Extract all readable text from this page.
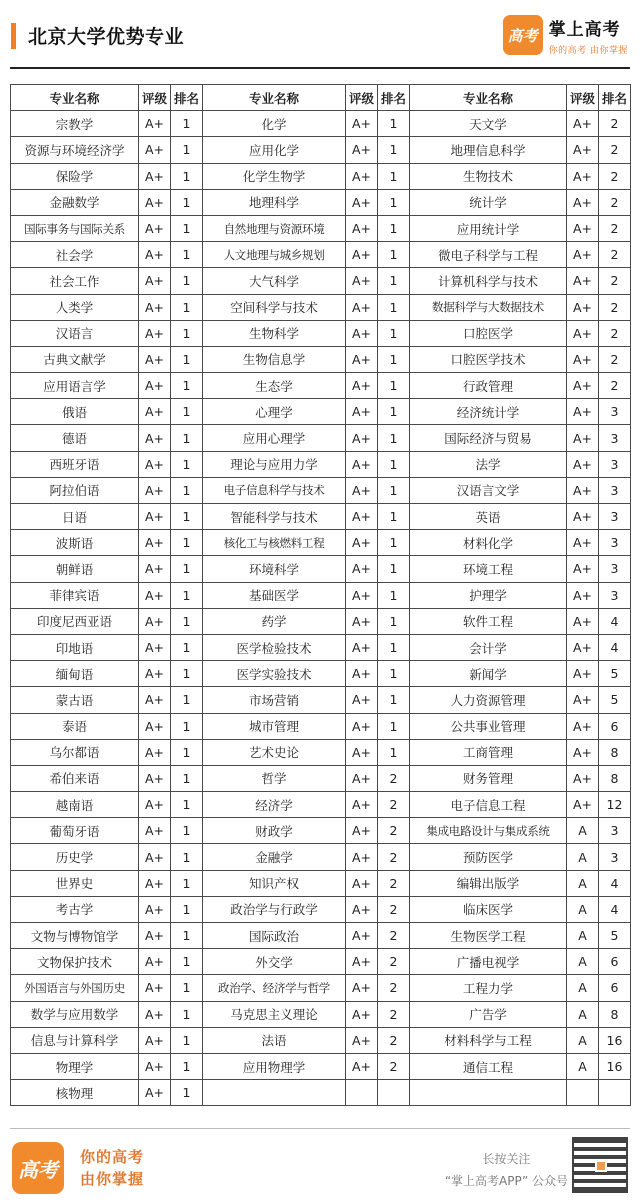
北京大学优势专业	高考 掌上高考
你的高考 由你掌握
专业名称	评级	排名	专业名称	评级	排名	专业名称	评级	排名
宗教学	A+	1	化学	A+	1	天文学	A+	2
资源与环境经济学	A+	1	应用化学	A+	1	地理信息科学	A+	2
保险学	A+	1	化学生物学	A+	1	生物技术	A+	2
金融数学	A+	1	地理科学	A+	1	统计学	A+	2
国际事务与国际关系	A+	1	自然地理与资源环境	A+	1	应用统计学	A+	2
社会学	A+	1	人文地理与城乡规划	A+	1	微电子科学与工程	A+	2
社会工作	A+	1	大气科学	A+	1	计算机科学与技术	A+	2
人类学	A+	1	空间科学与技术	A+	1	数据科学与大数据技术	A+	2
汉语言	A+	1	生物科学	A+	1	口腔医学	A+	2
古典文献学	A+	1	生物信息学	A+	1	口腔医学技术	A+	2
应用语言学	A+	1	生态学	A+	1	行政管理	A+	2
俄语	A+	1	心理学	A+	1	经济统计学	A+	3
德语	A+	1	应用心理学	A+	1	国际经济与贸易	A+	3
西班牙语	A+	1	理论与应用力学	A+	1	法学	A+	3
阿拉伯语	A+	1	电子信息科学与技术	A+	1	汉语言文学	A+	3
日语	A+	1	智能科学与技术	A+	1	英语	A+	3
波斯语	A+	1	核化工与核燃料工程	A+	1	材料化学	A+	3
朝鲜语	A+	1	环境科学	A+	1	环境工程	A+	3
菲律宾语	A+	1	基础医学	A+	1	护理学	A+	3
印度尼西亚语	A+	1	药学	A+	1	软件工程	A+	4
印地语	A+	1	医学检验技术	A+	1	会计学	A+	4
缅甸语	A+	1	医学实验技术	A+	1	新闻学	A+	5
蒙古语	A+	1	市场营销	A+	1	人力资源管理	A+	5
泰语	A+	1	城市管理	A+	1	公共事业管理	A+	6
乌尔都语	A+	1	艺术史论	A+	1	工商管理	A+	8
希伯来语	A+	1	哲学	A+	2	财务管理	A+	8
越南语	A+	1	经济学	A+	2	电子信息工程	A+	12
葡萄牙语	A+	1	财政学	A+	2	集成电路设计与集成系统	A	3
历史学	A+	1	金融学	A+	2	预防医学	A	3
世界史	A+	1	知识产权	A+	2	编辑出版学	A	4
考古学	A+	1	政治学与行政学	A+	2	临床医学	A	4
文物与博物馆学	A+	1	国际政治	A+	2	生物医学工程	A	5
文物保护技术	A+	1	外交学	A+	2	广播电视学	A	6
外国语言与外国历史	A+	1	政治学、经济学与哲学	A+	2	工程力学	A	6
数学与应用数学	A+	1	马克思主义理论	A+	2	广告学	A	8
信息与计算科学	A+	1	法语	A+	2	材料科学与工程	A	16
物理学	A+	1	应用物理学	A+	2	通信工程	A	16
核物理	A+	1						
高考
你的高考
由你掌握
长按关注
“掌上高考APP” 公众号
